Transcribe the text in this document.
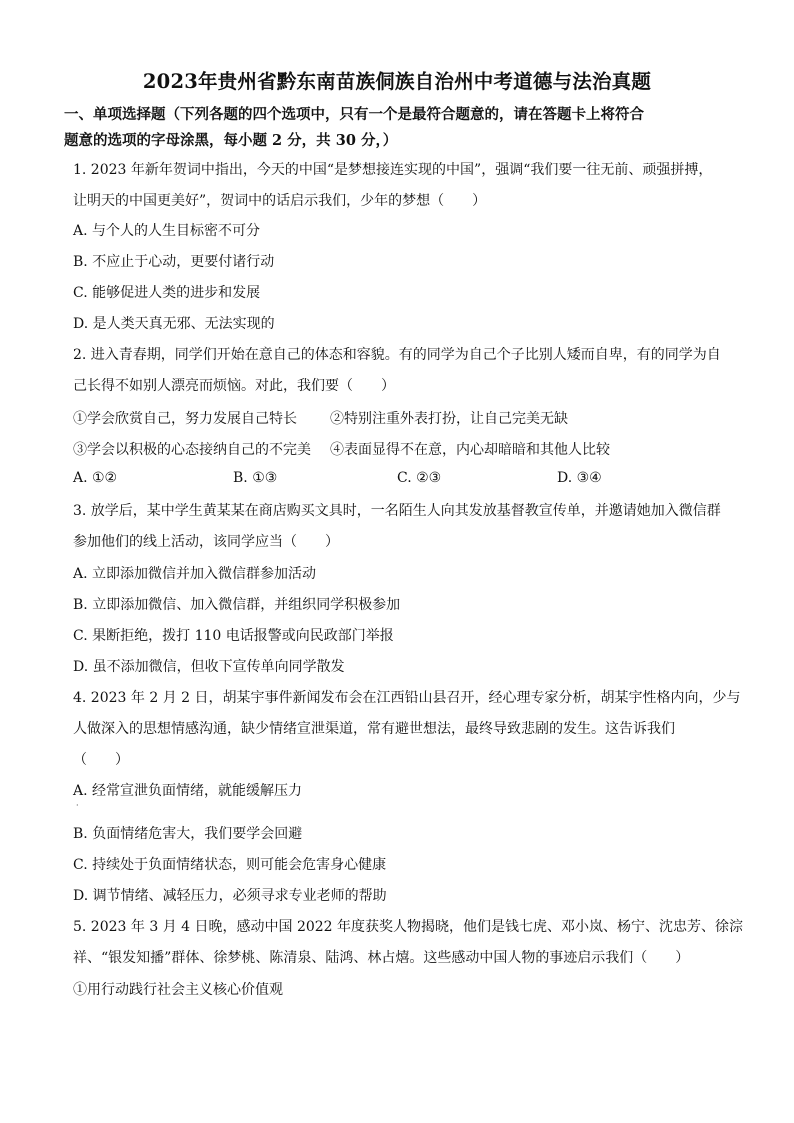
2023年贵州省黔东南苗族侗族自治州中考道德与法治真题
一、单项选择题（下列各题的四个选项中，只有一个是最符合题意的，请在答题卡上将符合
题意的选项的字母涂黑，每小题 2 分，共 30 分，）
1. 2023 年新年贺词中指出，今天的中国“是梦想接连实现的中国”，强调“我们要一往无前、顽强拼搏，
让明天的中国更美好”，贺词中的话启示我们，少年的梦想（　　）
A. 与个人的人生目标密不可分
B. 不应止于心动，更要付诸行动
C. 能够促进人类的进步和发展
D. 是人类天真无邪、无法实现的
2. 进入青春期，同学们开始在意自己的体态和容貌。有的同学为自己个子比别人矮而自卑，有的同学为自
己长得不如别人漂亮而烦恼。对此，我们要（　　）
①学会欣赏自己，努力发展自己特长 ②特别注重外表打扮，让自己完美无缺
③学会以积极的心态接纳自己的不完美 ④表面显得不在意，内心却暗暗和其他人比较
A. ①②	B. ①③	C. ②③	D. ③④
3. 放学后，某中学生黄某某在商店购买文具时，一名陌生人向其发放基督教宣传单，并邀请她加入微信群
参加他们的线上活动，该同学应当（　　）
A. 立即添加微信并加入微信群参加活动
B. 立即添加微信、加入微信群，并组织同学积极参加
C. 果断拒绝，拨打 110 电话报警或向民政部门举报
D. 虽不添加微信，但收下宣传单向同学散发
4. 2023 年 2 月 2 日，胡某宇事件新闻发布会在江西铅山县召开，经心理专家分析，胡某宇性格内向，少与
人做深入的思想情感沟通，缺少情绪宣泄渠道，常有避世想法，最终导致悲剧的发生。这告诉我们
（　　）
A. 经常宣泄负面情绪，就能缓解压力
·
B. 负面情绪危害大，我们要学会回避
C. 持续处于负面情绪状态，则可能会危害身心健康
D. 调节情绪、减轻压力，必须寻求专业老师的帮助
5. 2023 年 3 月 4 日晚，感动中国 2022 年度获奖人物揭晓，他们是钱七虎、邓小岚、杨宁、沈忠芳、徐淙
祥、“银发知播”群体、徐梦桃、陈清泉、陆鸿、林占熺。这些感动中国人物的事迹启示我们（　　）
①用行动践行社会主义核心价值观
